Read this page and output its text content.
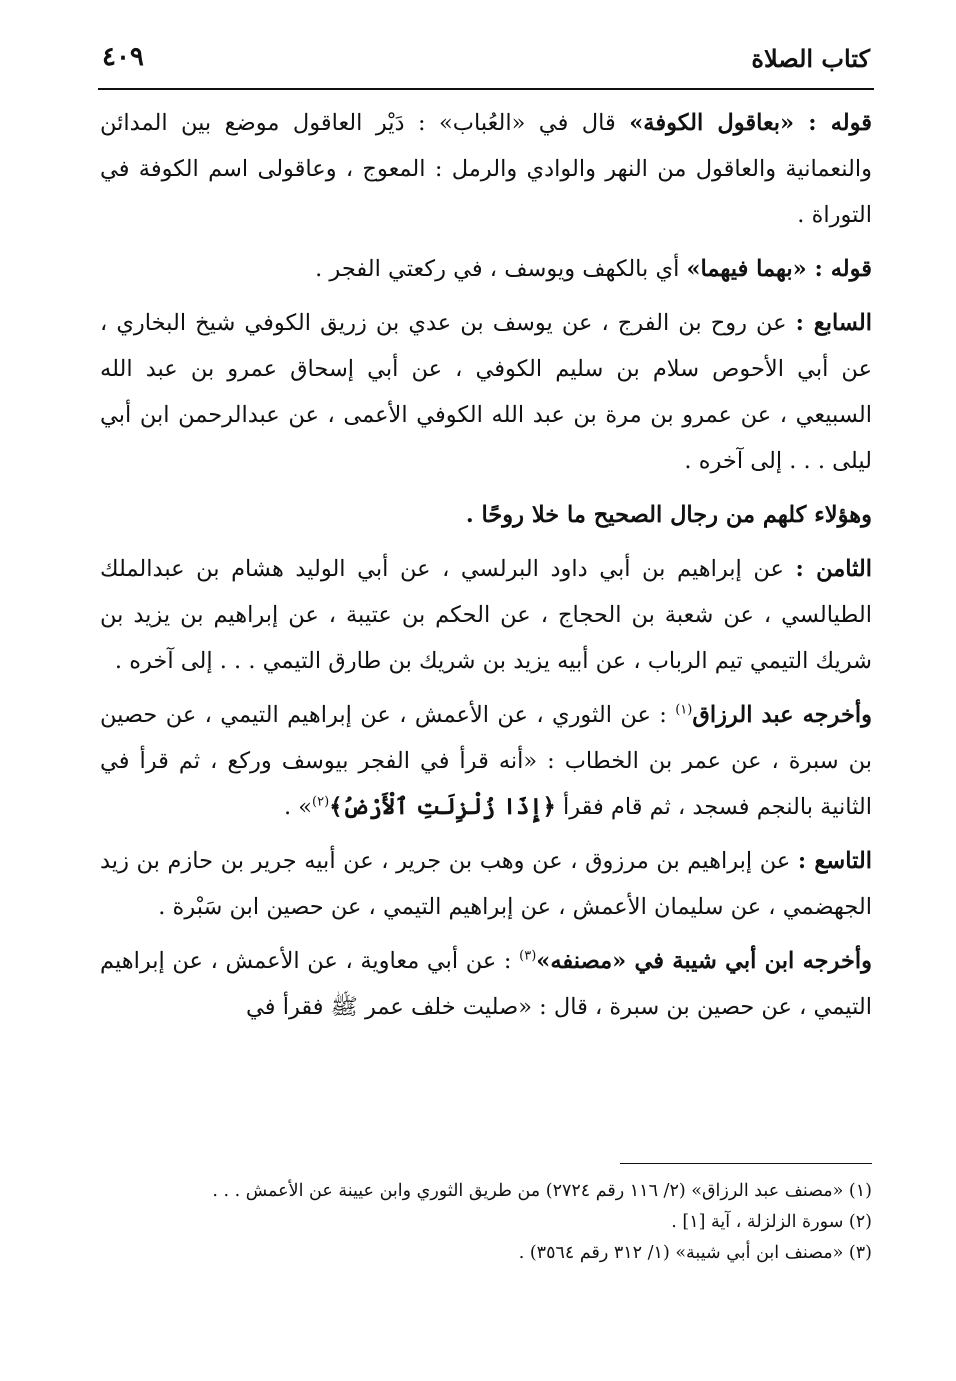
كتاب الصلاة
٤٠٩

قوله : «بعاقول الكوفة» قال في «العُباب» : دَيْر العاقول موضع بين المدائن والنعمانية والعاقول من النهر والوادي والرمل : المعوج ، وعاقولى اسم الكوفة في التوراة .

قوله : «بهما فيهما» أي بالكهف ويوسف ، في ركعتي الفجر .

السابع : عن روح بن الفرج ، عن يوسف بن عدي بن زريق الكوفي شيخ البخاري ، عن أبي الأحوص سلام بن سليم الكوفي ، عن أبي إسحاق عمرو بن عبد الله السبيعي ، عن عمرو بن مرة بن عبد الله الكوفي الأعمى ، عن عبدالرحمن ابن أبي ليلى . . . إلى آخره .

وهؤلاء كلهم من رجال الصحيح ما خلا روحًا .

الثامن : عن إبراهيم بن أبي داود البرلسي ، عن أبي الوليد هشام بن عبدالملك الطيالسي ، عن شعبة بن الحجاج ، عن الحكم بن عتيبة ، عن إبراهيم بن يزيد بن شريك التيمي تيم الرباب ، عن أبيه يزيد بن شريك بن طارق التيمي . . . إلى آخره .

وأخرجه عبد الرزاق$^{(١)}$ : عن الثوري ، عن الأعمش ، عن إبراهيم التيمي ، عن حصين بن سبرة ، عن عمر بن الخطاب : «أنه قرأ في الفجر بيوسف وركع ، ثم قرأ في الثانية بالنجم فسجد ، ثم قام فقرأ ﴿إِذَا زُلْزِلَتِ ٱلْأَرْضُ﴾$^{(٢)}$» .

التاسع : عن إبراهيم بن مرزوق ، عن وهب بن جرير ، عن أبيه جرير بن حازم بن زيد الجهضمي ، عن سليمان الأعمش ، عن إبراهيم التيمي ، عن حصين ابن سَبْرة .

وأخرجه ابن أبي شيبة في «مصنفه»$^{(٣)}$ : عن أبي معاوية ، عن الأعمش ، عن إبراهيم التيمي ، عن حصين بن سبرة ، قال : «صليت خلف عمر ﷺ فقرأ في

(١) «مصنف عبد الرزاق» (٢/ ١١٦ رقم ٢٧٢٤) من طريق الثوري وابن عيينة عن الأعمش . . .
(٢) سورة الزلزلة ، آية [١] .
(٣) «مصنف ابن أبي شيبة» (١/ ٣١٢ رقم ٣٥٦٤) .
